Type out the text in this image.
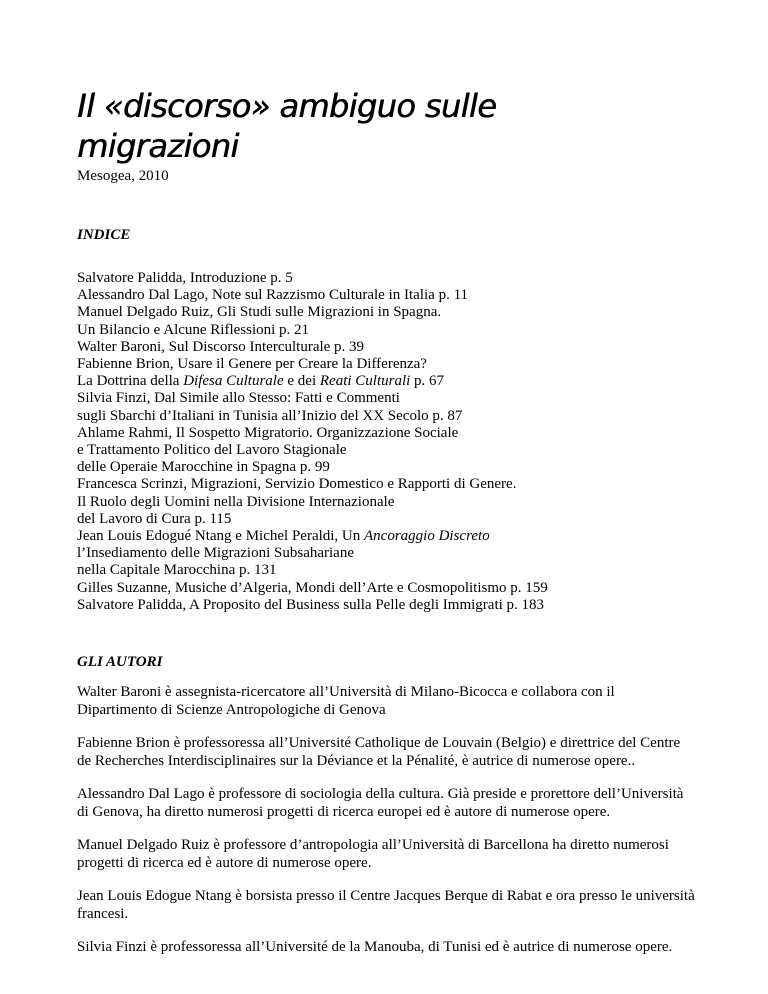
Il «discorso» ambiguo sulle
migrazioni

Mesogea, 2010

INDICE
Salvatore Palidda, Introduzione p. 5
Alessandro Dal Lago, Note sul Razzismo Culturale in Italia p. 11
Manuel Delgado Ruiz, Gli Studi sulle Migrazioni in Spagna.
Un Bilancio e Alcune Riflessioni p. 21
Walter Baroni, Sul Discorso Interculturale p. 39
Fabienne Brion, Usare il Genere per Creare la Differenza?
La Dottrina della Difesa Culturale e dei Reati Culturali p. 67
Silvia Finzi, Dal Simile allo Stesso: Fatti e Commenti
sugli Sbarchi d’Italiani in Tunisia all’Inizio del XX Secolo p. 87
Ahlame Rahmi, Il Sospetto Migratorio. Organizzazione Sociale
e Trattamento Politico del Lavoro Stagionale
delle Operaie Marocchine in Spagna p. 99
Francesca Scrinzi, Migrazioni, Servizio Domestico e Rapporti di Genere.
Il Ruolo degli Uomini nella Divisione Internazionale
del Lavoro di Cura p. 115
Jean Louis Edogué Ntang e Michel Peraldi, Un Ancoraggio Discreto
l’Insediamento delle Migrazioni Subsahariane
nella Capitale Marocchina p. 131
Gilles Suzanne, Musiche d’Algeria, Mondi dell’Arte e Cosmopolitismo p. 159
Salvatore Palidda, A Proposito del Business sulla Pelle degli Immigrati p. 183
GLI AUTORI

Walter Baroni è assegnista-ricercatore all’Università di Milano-Bicocca e collabora con il Dipartimento di Scienze Antropologiche di Genova

Fabienne Brion è professoressa all’Université Catholique de Louvain (Belgio) e direttrice del Centre de Recherches Interdisciplinaires sur la Déviance et la Pénalité, è autrice di numerose opere..

Alessandro Dal Lago è professore di sociologia della cultura. Già preside e prorettore dell’Università di Genova, ha diretto numerosi progetti di ricerca europei ed è autore di numerose opere.

Manuel Delgado Ruiz è professore d’antropologia all’Università di Barcellona ha diretto numerosi progetti di ricerca ed è autore di numerose opere.

Jean Louis Edogue Ntang è borsista presso il Centre Jacques Berque di Rabat e ora presso le università francesi.

Silvia Finzi è professoressa all’Université de la Manouba, di Tunisi ed è autrice di numerose opere.
